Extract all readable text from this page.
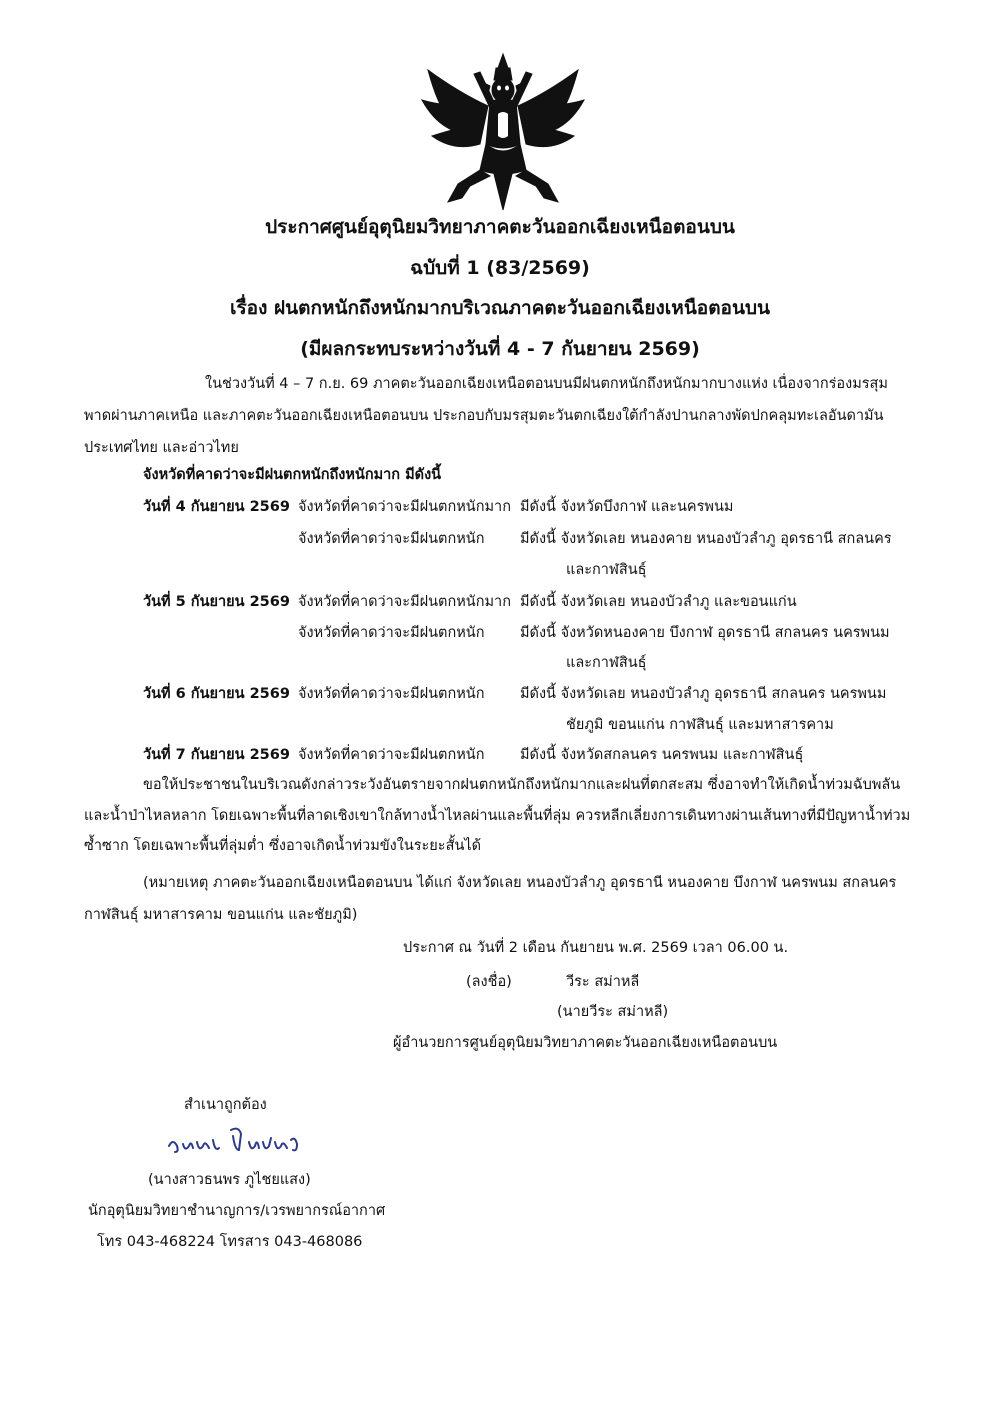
ประกาศศูนย์อุตุนิยมวิทยาภาคตะวันออกเฉียงเหนือตอนบน
ฉบับที่ 1 (83/2569)
เรื่อง ฝนตกหนักถึงหนักมากบริเวณภาคตะวันออกเฉียงเหนือตอนบน
(มีผลกระทบระหว่างวันที่ 4 - 7 กันยายน 2569)
ในช่วงวันที่ 4 – 7 ก.ย. 69 ภาคตะวันออกเฉียงเหนือตอนบนมีฝนตกหนักถึงหนักมากบางแห่ง เนื่องจากร่องมรสุม
พาดผ่านภาคเหนือ และภาคตะวันออกเฉียงเหนือตอนบน ประกอบกับมรสุมตะวันตกเฉียงใต้กำลังปานกลางพัดปกคลุมทะเลอันดามัน
ประเทศไทย และอ่าวไทย
จังหวัดที่คาดว่าจะมีฝนตกหนักถึงหนักมาก มีดังนี้
วันที่ 4 กันยายน 2569 จังหวัดที่คาดว่าจะมีฝนตกหนักมาก มีดังนี้ จังหวัดบึงกาฬ และนครพนม
จังหวัดที่คาดว่าจะมีฝนตกหนัก มีดังนี้ จังหวัดเลย หนองคาย หนองบัวลำภู อุดรธานี สกลนคร
และกาฬสินธุ์
วันที่ 5 กันยายน 2569 จังหวัดที่คาดว่าจะมีฝนตกหนักมาก มีดังนี้ จังหวัดเลย หนองบัวลำภู และขอนแก่น
จังหวัดที่คาดว่าจะมีฝนตกหนัก มีดังนี้ จังหวัดหนองคาย บึงกาฬ อุดรธานี สกลนคร นครพนม
และกาฬสินธุ์
วันที่ 6 กันยายน 2569 จังหวัดที่คาดว่าจะมีฝนตกหนัก มีดังนี้ จังหวัดเลย หนองบัวลำภู อุดรธานี สกลนคร นครพนม
ชัยภูมิ ขอนแก่น กาฬสินธุ์ และมหาสารคาม
วันที่ 7 กันยายน 2569 จังหวัดที่คาดว่าจะมีฝนตกหนัก มีดังนี้ จังหวัดสกลนคร นครพนม และกาฬสินธุ์
ขอให้ประชาชนในบริเวณดังกล่าวระวังอันตรายจากฝนตกหนักถึงหนักมากและฝนที่ตกสะสม ซึ่งอาจทำให้เกิดน้ำท่วมฉับพลัน
และน้ำป่าไหลหลาก โดยเฉพาะพื้นที่ลาดเชิงเขาใกล้ทางน้ำไหลผ่านและพื้นที่ลุ่ม ควรหลีกเลี่ยงการเดินทางผ่านเส้นทางที่มีปัญหาน้ำท่วม
ซ้ำซาก โดยเฉพาะพื้นที่ลุ่มต่ำ ซึ่งอาจเกิดน้ำท่วมขังในระยะสั้นได้
(หมายเหตุ ภาคตะวันออกเฉียงเหนือตอนบน ได้แก่ จังหวัดเลย หนองบัวลำภู อุดรธานี หนองคาย บึงกาฬ นครพนม สกลนคร
กาฬสินธุ์ มหาสารคาม ขอนแก่น และชัยภูมิ)
ประกาศ ณ วันที่ 2 เดือน กันยายน พ.ศ. 2569 เวลา 06.00 น.
(ลงชื่อ)	วีระ สม่าหลี
(นายวีระ สม่าหลี)
ผู้อำนวยการศูนย์อุตุนิยมวิทยาภาคตะวันออกเฉียงเหนือตอนบน
สำเนาถูกต้อง
(นางสาวธนพร ภูไชยแสง)
นักอุตุนิยมวิทยาชำนาญการ/เวรพยากรณ์อากาศ
โทร 043-468224 โทรสาร 043-468086
